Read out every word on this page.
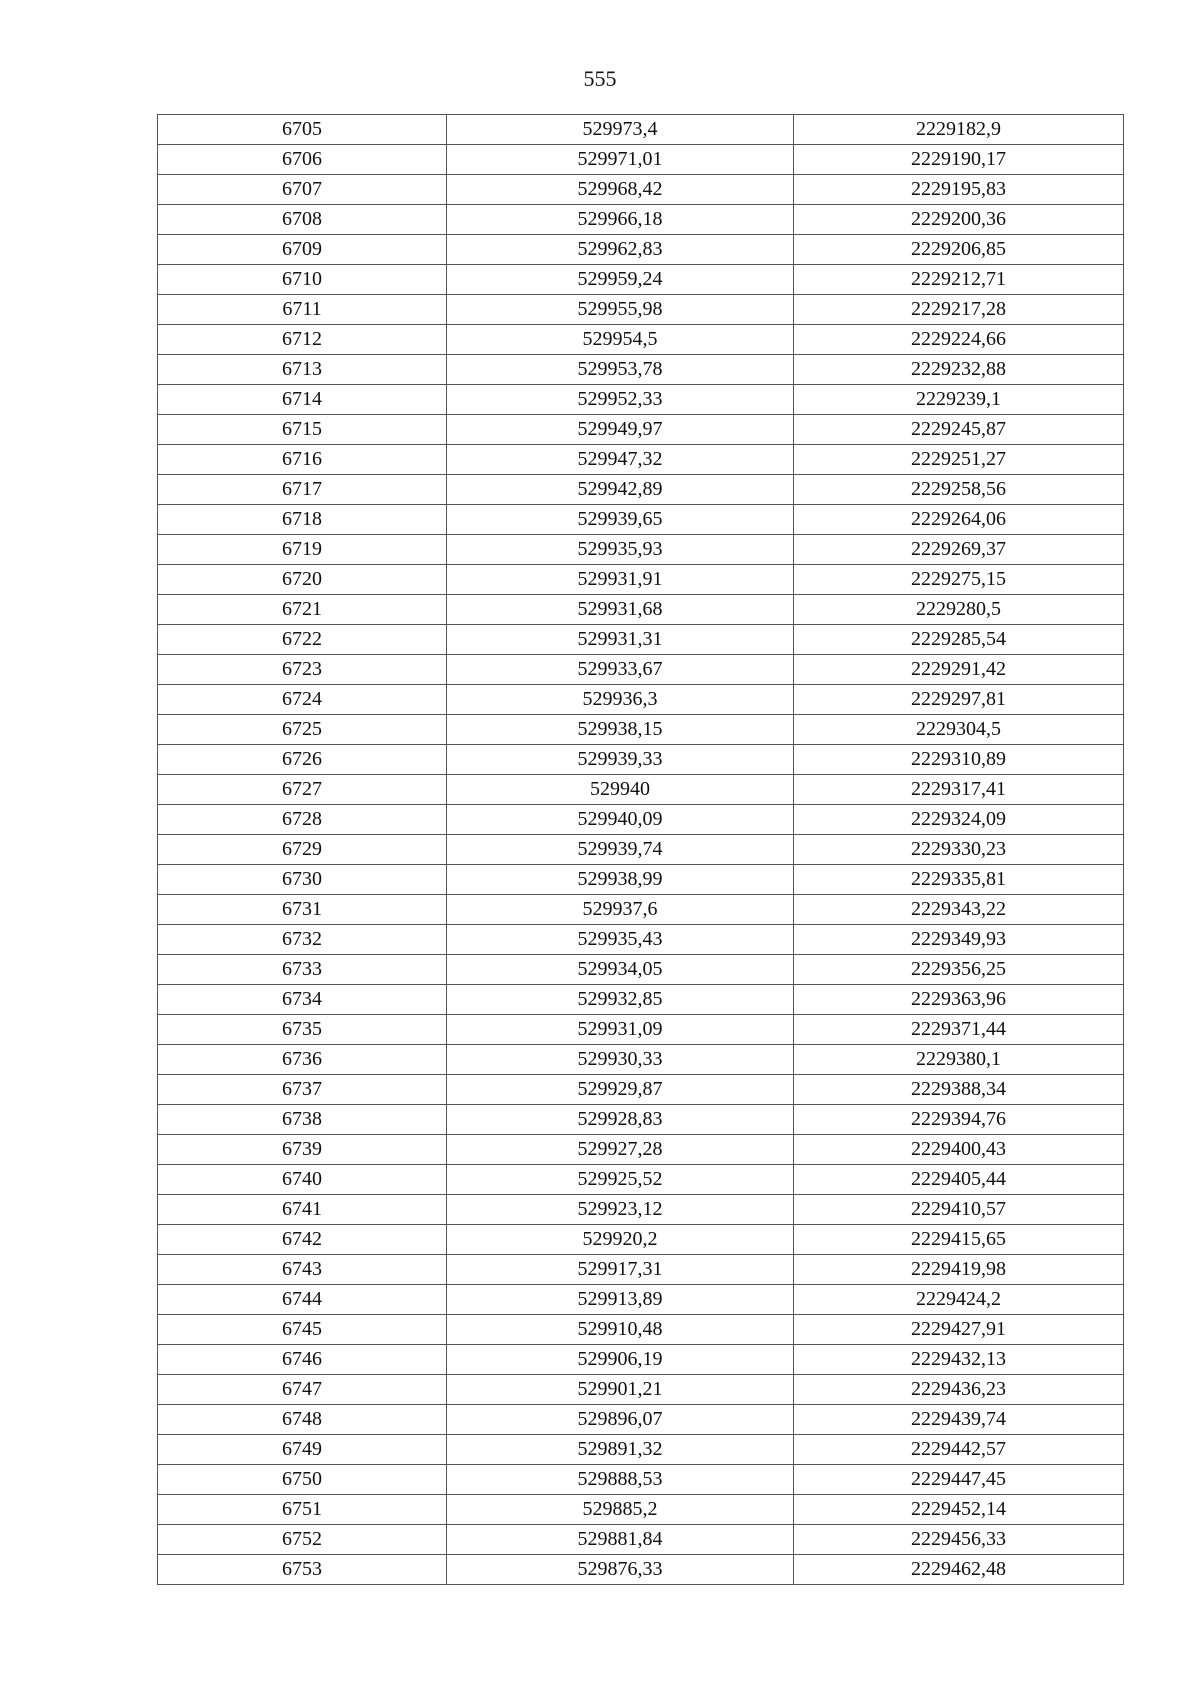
555
6705	529973,4	2229182,9
6706	529971,01	2229190,17
6707	529968,42	2229195,83
6708	529966,18	2229200,36
6709	529962,83	2229206,85
6710	529959,24	2229212,71
6711	529955,98	2229217,28
6712	529954,5	2229224,66
6713	529953,78	2229232,88
6714	529952,33	2229239,1
6715	529949,97	2229245,87
6716	529947,32	2229251,27
6717	529942,89	2229258,56
6718	529939,65	2229264,06
6719	529935,93	2229269,37
6720	529931,91	2229275,15
6721	529931,68	2229280,5
6722	529931,31	2229285,54
6723	529933,67	2229291,42
6724	529936,3	2229297,81
6725	529938,15	2229304,5
6726	529939,33	2229310,89
6727	529940	2229317,41
6728	529940,09	2229324,09
6729	529939,74	2229330,23
6730	529938,99	2229335,81
6731	529937,6	2229343,22
6732	529935,43	2229349,93
6733	529934,05	2229356,25
6734	529932,85	2229363,96
6735	529931,09	2229371,44
6736	529930,33	2229380,1
6737	529929,87	2229388,34
6738	529928,83	2229394,76
6739	529927,28	2229400,43
6740	529925,52	2229405,44
6741	529923,12	2229410,57
6742	529920,2	2229415,65
6743	529917,31	2229419,98
6744	529913,89	2229424,2
6745	529910,48	2229427,91
6746	529906,19	2229432,13
6747	529901,21	2229436,23
6748	529896,07	2229439,74
6749	529891,32	2229442,57
6750	529888,53	2229447,45
6751	529885,2	2229452,14
6752	529881,84	2229456,33
6753	529876,33	2229462,48
